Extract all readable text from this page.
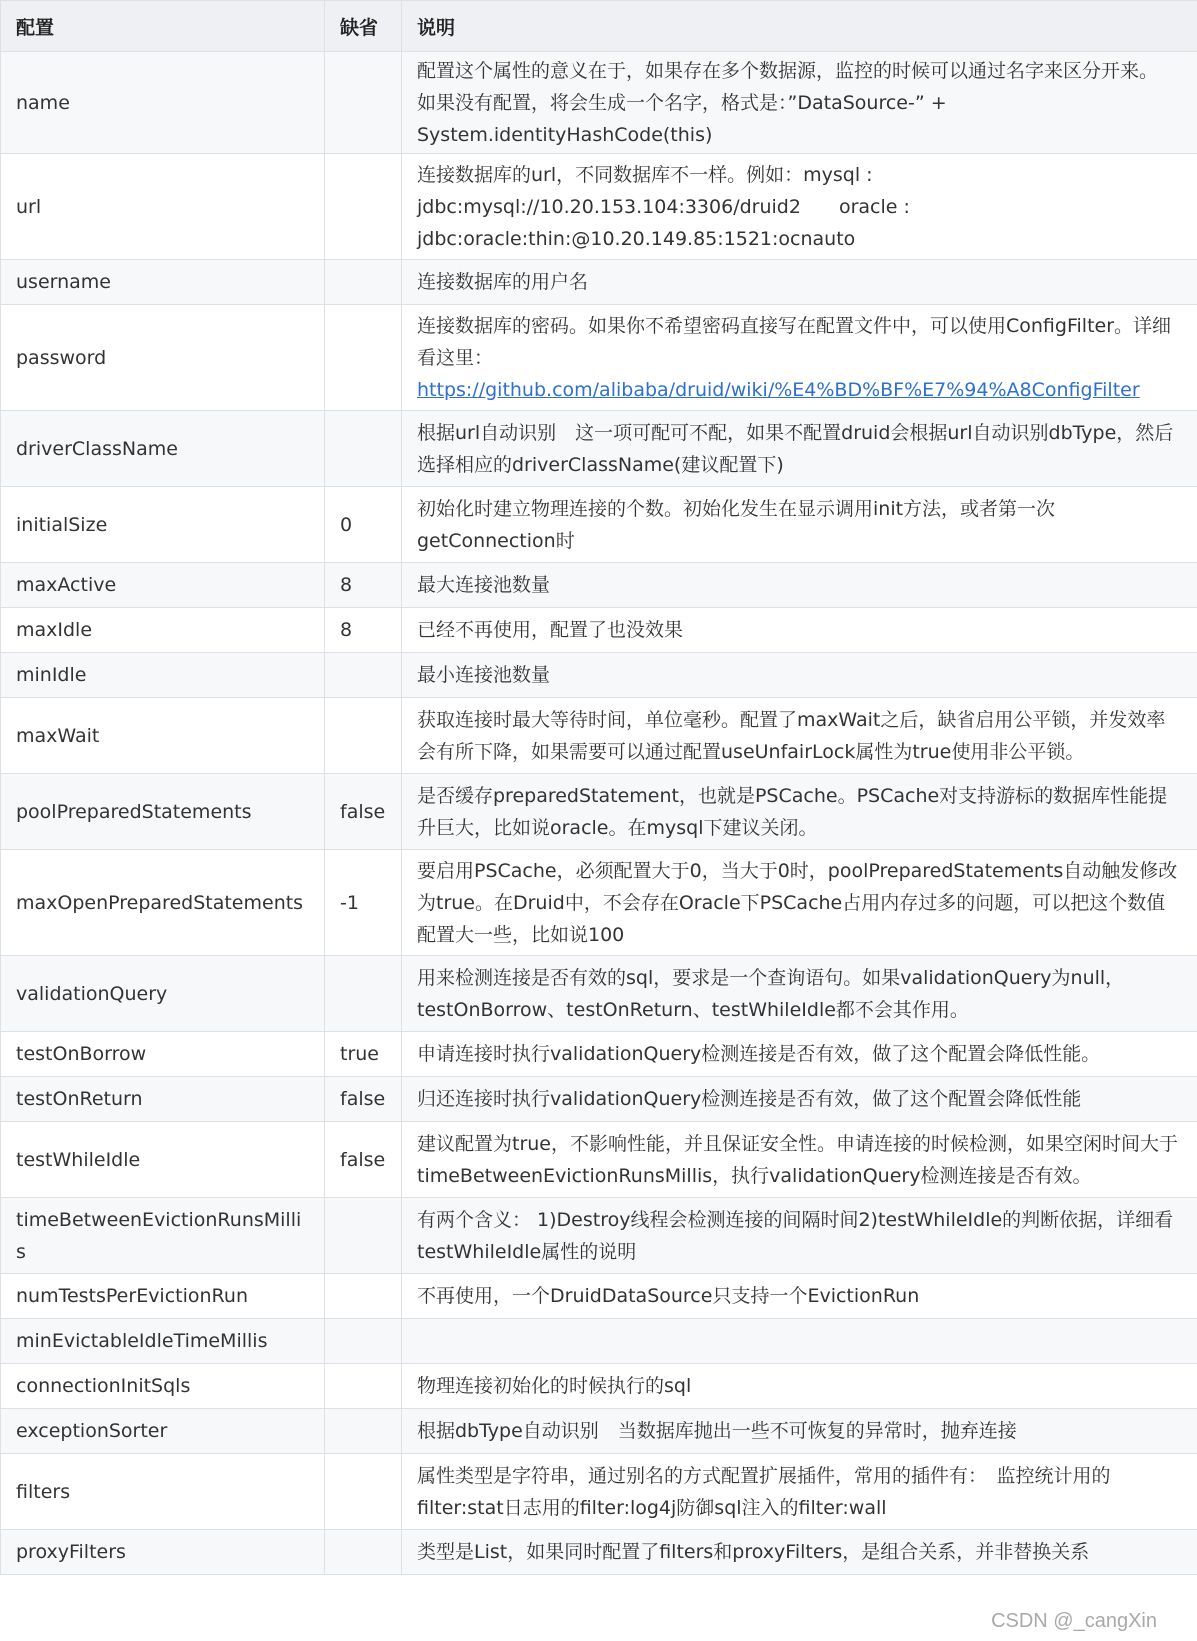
配置	缺省	说明
name		配置这个属性的意义在于，如果存在多个数据源，监控的时候可以通过名字来区分开来。　如果没有配置，将会生成一个名字，格式是：”DataSource-” + System.identityHashCode(this)
url		连接数据库的url，不同数据库不一样。例如：mysql : jdbc:mysql://10.20.153.104:3306/druid2　　oracle : jdbc:oracle:thin:@10.20.149.85:1521:ocnauto
username		连接数据库的用户名
password		连接数据库的密码。如果你不希望密码直接写在配置文件中，可以使用ConfigFilter。详细看这里：
https://github.com/alibaba/druid/wiki/%E4%BD%BF%E7%94%A8ConfigFilter
driverClassName		根据url自动识别　这一项可配可不配，如果不配置druid会根据url自动识别dbType，然后选择相应的driverClassName(建议配置下)
initialSize	0	初始化时建立物理连接的个数。初始化发生在显示调用init方法，或者第一次getConnection时
maxActive	8	最大连接池数量
maxIdle	8	已经不再使用，配置了也没效果
minIdle		最小连接池数量
maxWait		获取连接时最大等待时间，单位毫秒。配置了maxWait之后，缺省启用公平锁，并发效率会有所下降，如果需要可以通过配置useUnfairLock属性为true使用非公平锁。
poolPreparedStatements	false	是否缓存preparedStatement，也就是PSCache。PSCache对支持游标的数据库性能提升巨大，比如说oracle。在mysql下建议关闭。
maxOpenPreparedStatements	-1	要启用PSCache，必须配置大于0，当大于0时，poolPreparedStatements自动触发修改为true。在Druid中，不会存在Oracle下PSCache占用内存过多的问题，可以把这个数值配置大一些，比如说100
validationQuery		用来检测连接是否有效的sql，要求是一个查询语句。如果validationQuery为null，testOnBorrow、testOnReturn、testWhileIdle都不会其作用。
testOnBorrow	true	申请连接时执行validationQuery检测连接是否有效，做了这个配置会降低性能。
testOnReturn	false	归还连接时执行validationQuery检测连接是否有效，做了这个配置会降低性能
testWhileIdle	false	建议配置为true，不影响性能，并且保证安全性。申请连接的时候检测，如果空闲时间大于timeBetweenEvictionRunsMillis，执行validationQuery检测连接是否有效。
timeBetweenEvictionRunsMillis		有两个含义： 1)Destroy线程会检测连接的间隔时间2)testWhileIdle的判断依据，详细看testWhileIdle属性的说明
numTestsPerEvictionRun		不再使用，一个DruidDataSource只支持一个EvictionRun
minEvictableIdleTimeMillis		
connectionInitSqls		物理连接初始化的时候执行的sql
exceptionSorter		根据dbType自动识别　当数据库抛出一些不可恢复的异常时，抛弃连接
filters		属性类型是字符串，通过别名的方式配置扩展插件，常用的插件有：　监控统计用的filter:stat日志用的filter:log4j防御sql注入的filter:wall
proxyFilters		类型是List，如果同时配置了filters和proxyFilters，是组合关系，并非替换关系
CSDN @_cangXin
